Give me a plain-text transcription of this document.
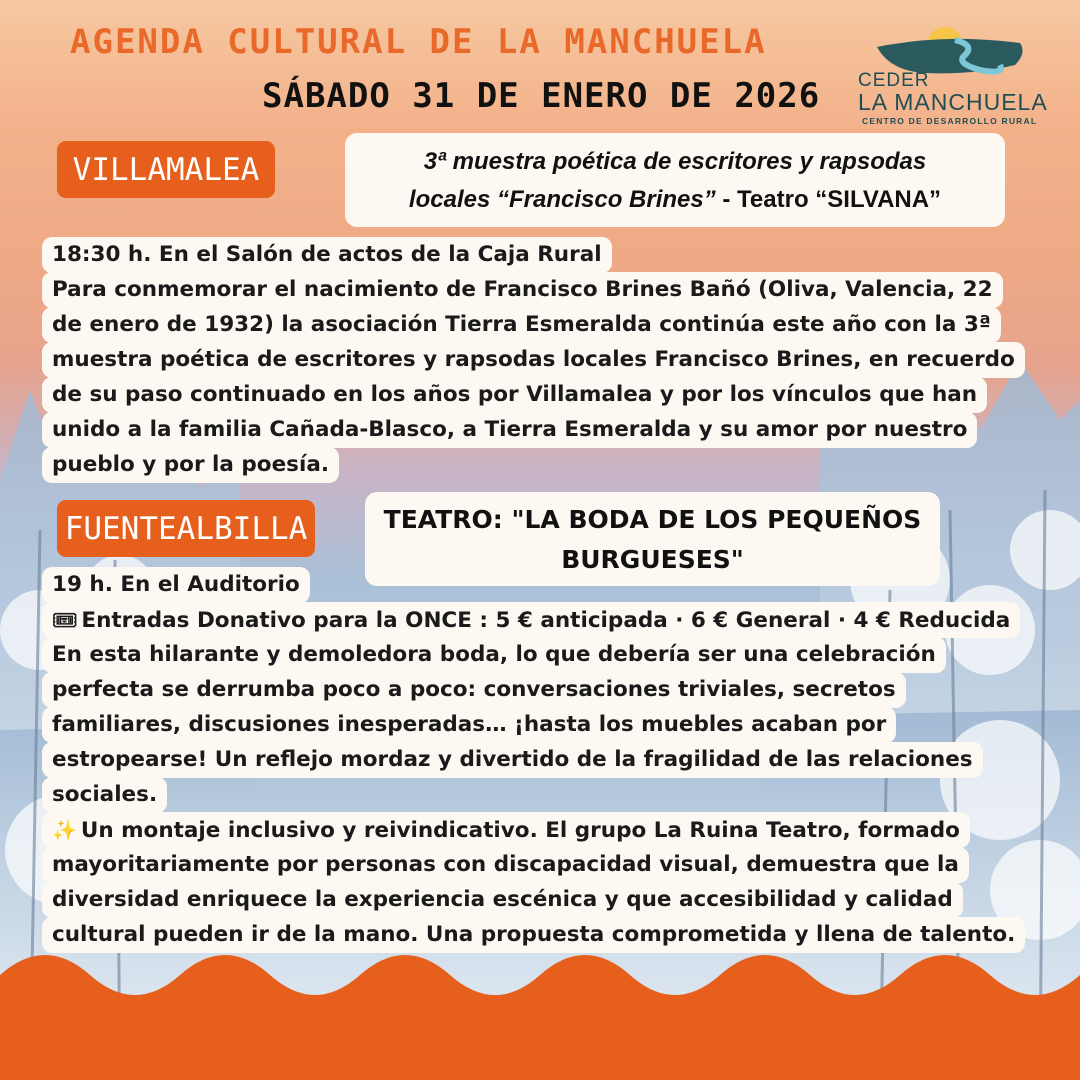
AGENDA CULTURAL DE LA MANCHUELA
SÁBADO 31 DE ENERO DE 2026 CEDER
LA MANCHUELA
CENTRO DE DESARROLLO RURAL
VILLAMALEA	3ª muestra poética de escritores y rapsodas
locales “Francisco Brines” - Teatro “SILVANA”
18:30 h. En el Salón de actos de la Caja Rural
Para conmemorar el nacimiento de Francisco Brines Bañó (Oliva, Valencia, 22
de enero de 1932) la asociación Tierra Esmeralda continúa este año con la 3ª
muestra poética de escritores y rapsodas locales Francisco Brines, en recuerdo
de su paso continuado en los años por Villamalea y por los vínculos que han
unido a la familia Cañada-Blasco, a Tierra Esmeralda y su amor por nuestro
pueblo y por la poesía.
FUENTEALBILLA	TEATRO: "LA BODA DE LOS PEQUEÑOS
BURGUESES"
19 h. En el Auditorio
🎟 Entradas Donativo para la ONCE : 5 € anticipada · 6 € General · 4 € Reducida
En esta hilarante y demoledora boda, lo que debería ser una celebración
perfecta se derrumba poco a poco: conversaciones triviales, secretos
familiares, discusiones inesperadas… ¡hasta los muebles acaban por
estropearse! Un reflejo mordaz y divertido de la fragilidad de las relaciones
sociales.
✨ Un montaje inclusivo y reivindicativo. El grupo La Ruina Teatro, formado
mayoritariamente por personas con discapacidad visual, demuestra que la
diversidad enriquece la experiencia escénica y que accesibilidad y calidad
cultural pueden ir de la mano. Una propuesta comprometida y llena de talento.
